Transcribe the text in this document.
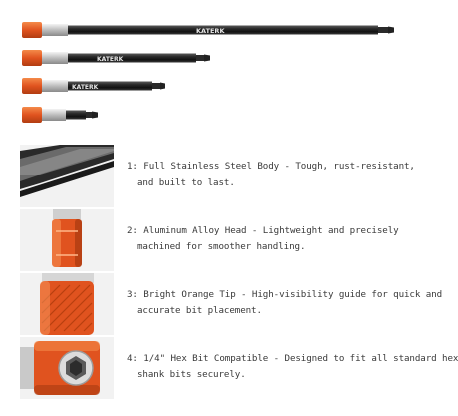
KATERK
KATERK
KATERK
1: Full Stainless Steel Body - Tough, rust-resistant,
and built to last.
2: Aluminum Alloy Head - Lightweight and precisely
machined for smoother handling.
3: Bright Orange Tip - High-visibility guide for quick and
accurate bit placement.
4: 1/4" Hex Bit Compatible - Designed to fit all standard hex
shank bits securely.
